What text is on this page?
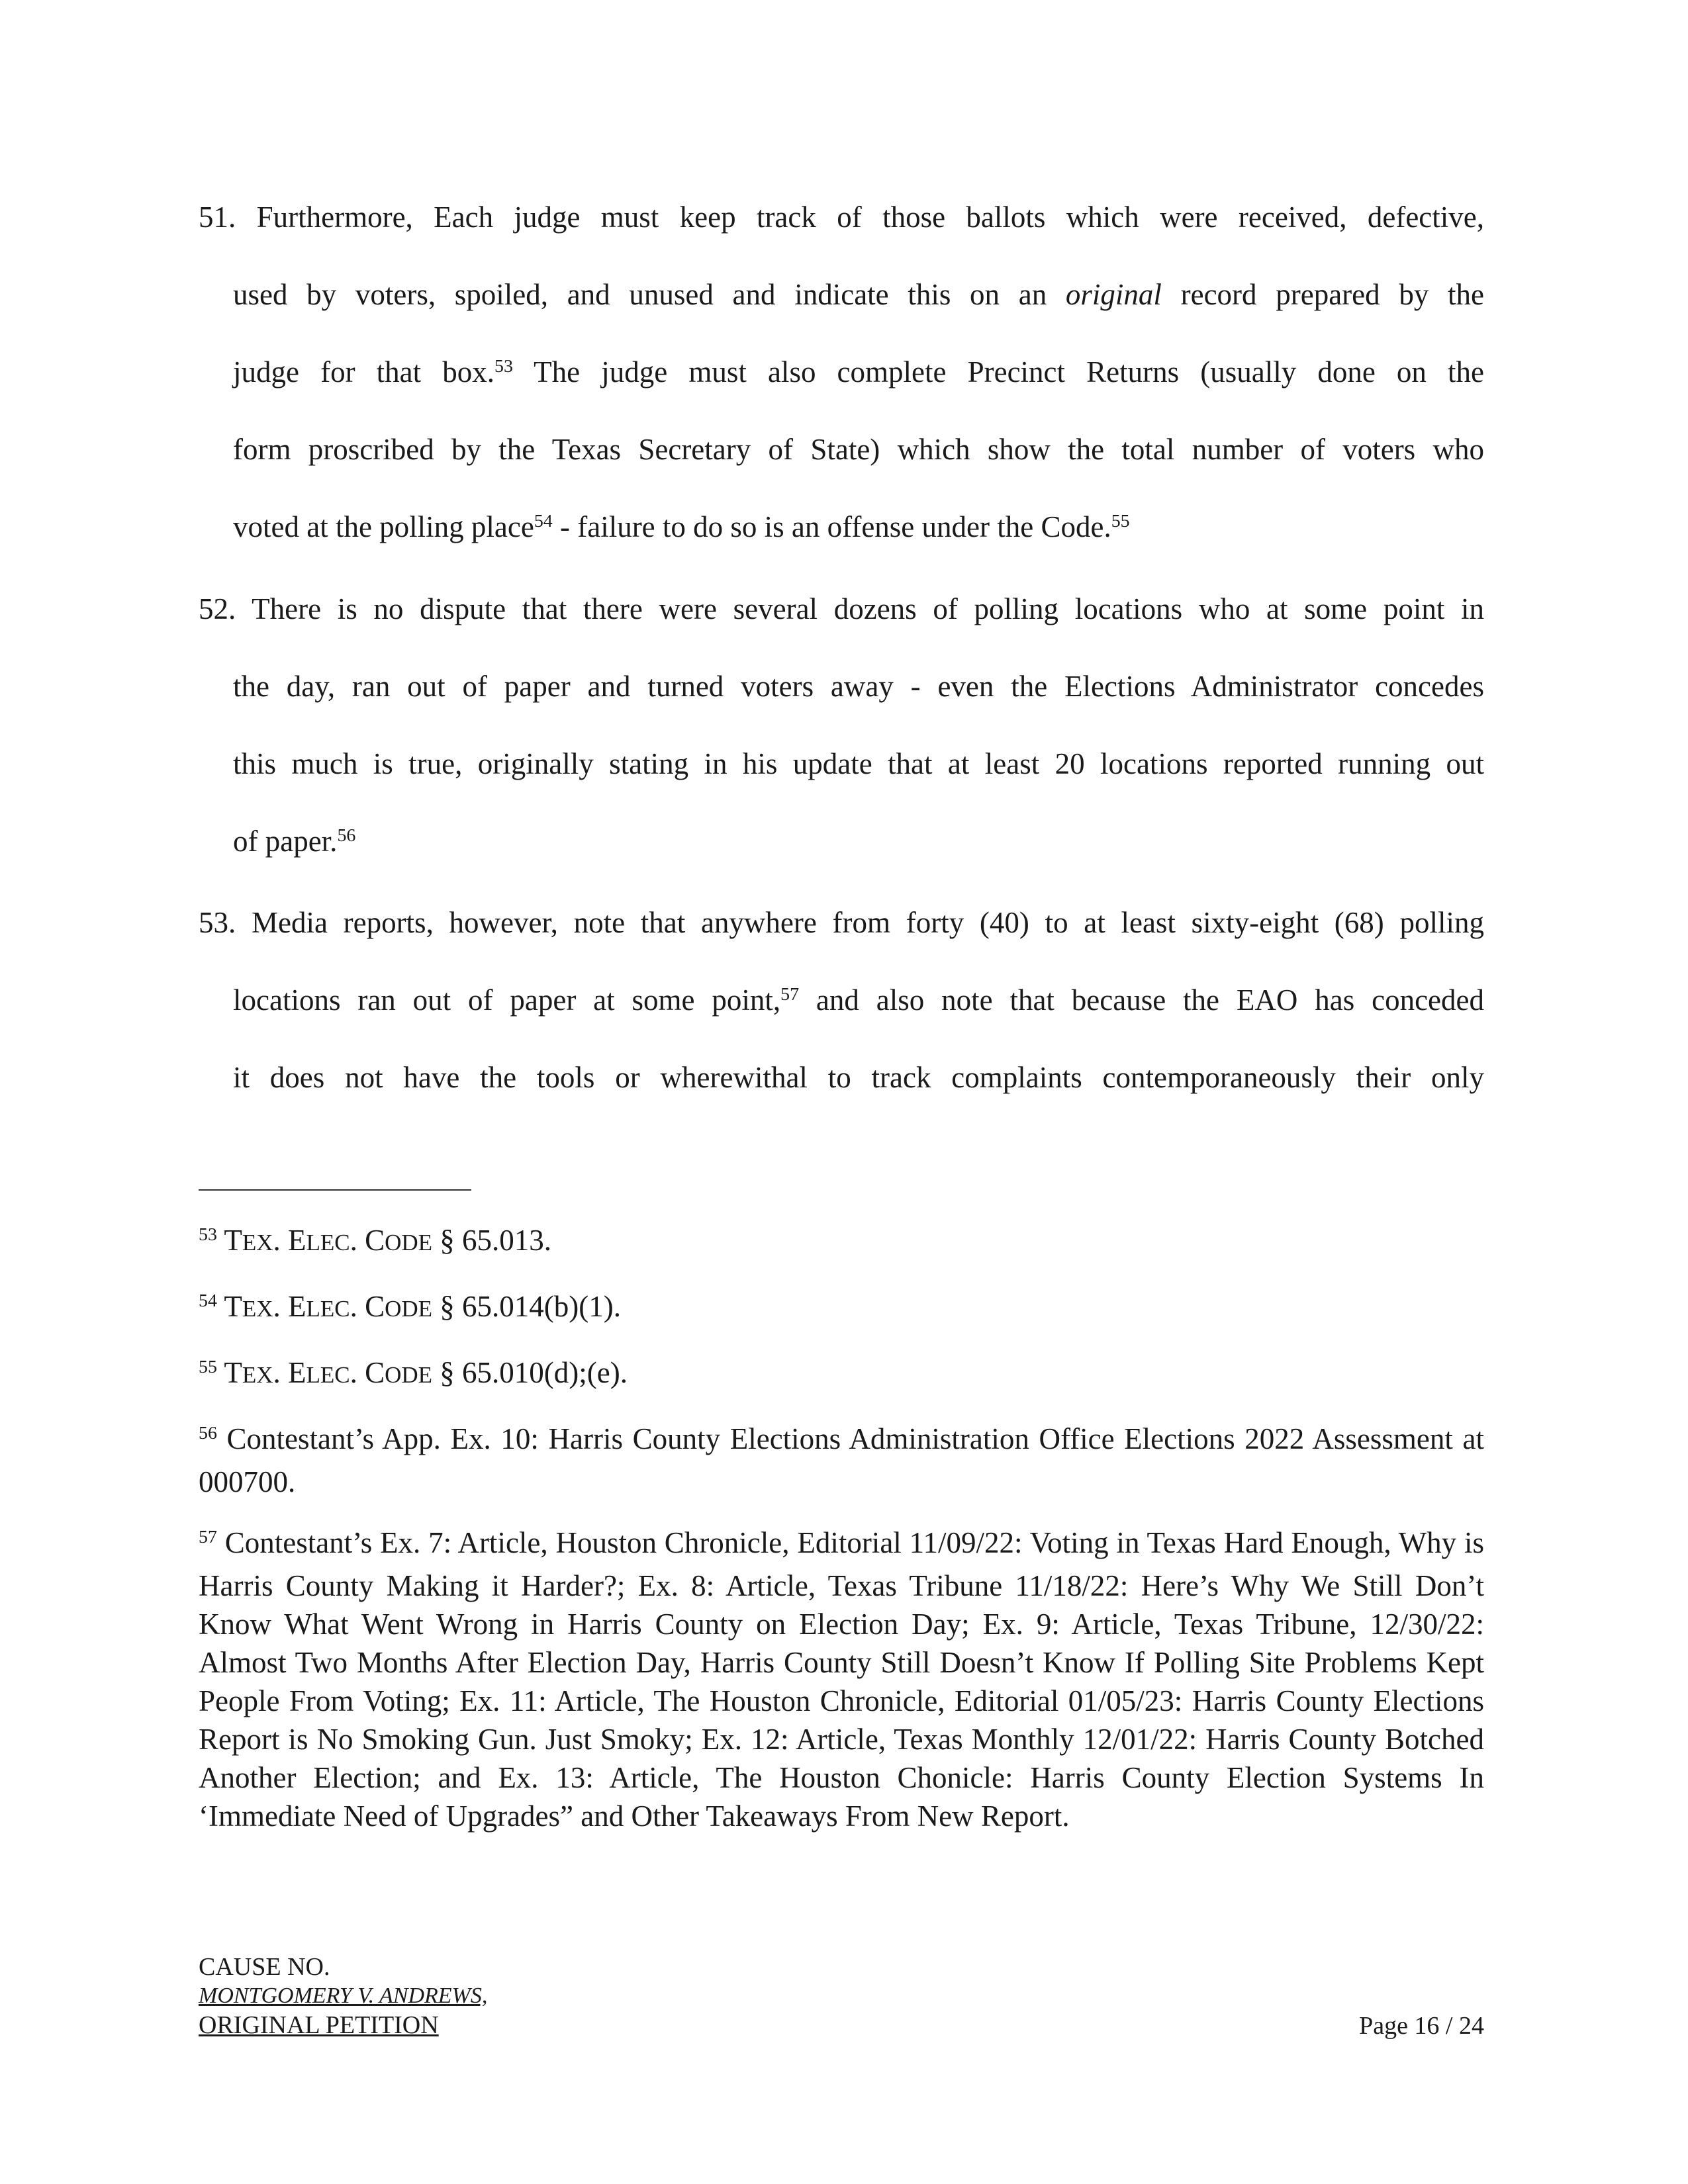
51. Furthermore, Each judge must keep track of those ballots which were received, defective,
used by voters, spoiled, and unused and indicate this on an original record prepared by the
judge for that box.$^{53}$ The judge must also complete Precinct Returns (usually done on the
form proscribed by the Texas Secretary of State) which show the total number of voters who
voted at the polling place$^{54}$ - failure to do so is an offense under the Code.$^{55}$
52. There is no dispute that there were several dozens of polling locations who at some point in
the day, ran out of paper and turned voters away - even the Elections Administrator concedes
this much is true, originally stating in his update that at least 20 locations reported running out
of paper.$^{56}$
53. Media reports, however, note that anywhere from forty (40) to at least sixty-eight (68) polling
locations ran out of paper at some point,$^{57}$ and also note that because the EAO has conceded
it does not have the tools or wherewithal to track complaints contemporaneously their only
$^{53}$ TEX. ELEC. CODE § 65.013.
$^{54}$ TEX. ELEC. CODE § 65.014(b)(1).
$^{55}$ TEX. ELEC. CODE § 65.010(d);(e).
$^{56}$ Contestant’s App. Ex. 10: Harris County Elections Administration Office Elections 2022 Assessment at 000700.
$^{57}$ Contestant’s Ex. 7: Article, Houston Chronicle, Editorial 11/09/22: Voting in Texas Hard Enough, Why is Harris County Making it Harder?; Ex. 8: Article, Texas Tribune 11/18/22: Here’s Why We Still Don’t Know What Went Wrong in Harris County on Election Day; Ex. 9: Article, Texas Tribune, 12/30/22: Almost Two Months After Election Day, Harris County Still Doesn’t Know If Polling Site Problems Kept People From Voting; Ex. 11: Article, The Houston Chronicle, Editorial 01/05/23: Harris County Elections Report is No Smoking Gun. Just Smoky; Ex. 12: Article, Texas Monthly 12/01/22: Harris County Botched Another Election; and Ex. 13: Article, The Houston Chonicle: Harris County Election Systems In ‘Immediate Need of Upgrades” and Other Takeaways From New Report.
CAUSE NO.
MONTGOMERY V. ANDREWS,
ORIGINAL PETITION	Page 16 / 24
